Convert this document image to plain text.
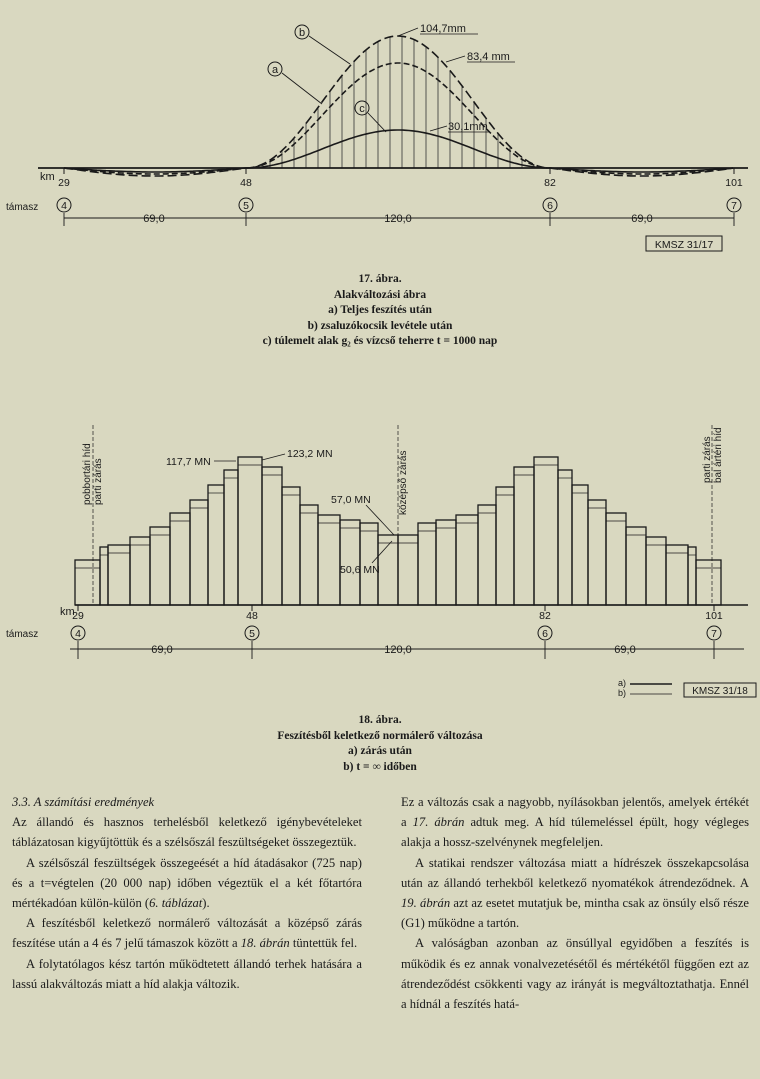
b
a
c
104,7mm
83,4 mm
30,1mm
km 29
4
48
5
82
6
101
7
támasz
69,0	120,0	69,0
KMSZ 31/17
17. ábra.
Alakváltozási ábra
a) Teljes feszítés után
b) zsaluzókocsik levétele után
c) túlemelt alak g₂ és vízcső teherre t = 1000 nap
pobbortári híd parti zárás	középső zárás	parti zárás bal ártéri híd
117,7 MN
123,2 MN
57,0 MN
50,6 MN
km
29
4
48
5
82
6
101
7
támasz
69,0	120,0	69,0
a)
b)	KMSZ 31/18
18. ábra.
Feszítésből keletkező normálerő változása
a) zárás után
b) t = ∞ időben

3.3. A számítási eredmények

Az állandó és hasznos terhelésből keletkező igénybevételeket táblázatosan kigyűjtöttük és a szélsőszál feszültségeket összegeztük.

A szélsőszál feszültségek összegeését a híd átadásakor (725 nap) és a t=végtelen (20 000 nap) időben végeztük el a két főtartóra mértékadóan külön-külön (6. táblázat).

A feszítésből keletkező normálerő változását a középső zárás feszítése után a 4 és 7 jelű támaszok között a 18. ábrán tüntettük fel.

A folytatólagos kész tartón működtetett állandó terhek hatására a lassú alakváltozás miatt a híd alakja változik.

Ez a változás csak a nagyobb, nyílásokban jelentős, amelyek értékét a 17. ábrán adtuk meg. A híd túlemeléssel épült, hogy végleges alakja a hossz-szelvénynek megfeleljen.

A statikai rendszer változása miatt a hídrészek összekapcsolása után az állandó terhekből keletkező nyomatékok átrendeződnek. A 19. ábrán azt az esetet mutatjuk be, mintha csak az önsúly első része (G1) működne a tartón.

A valóságban azonban az önsúllyal egyidőben a feszítés is működik és ez annak vonalvezetésétől és mértékétől függően ezt az átrendeződést csökkenti vagy az irányát is megváltoztathatja. Ennél a hídnál a feszítés hatá-
